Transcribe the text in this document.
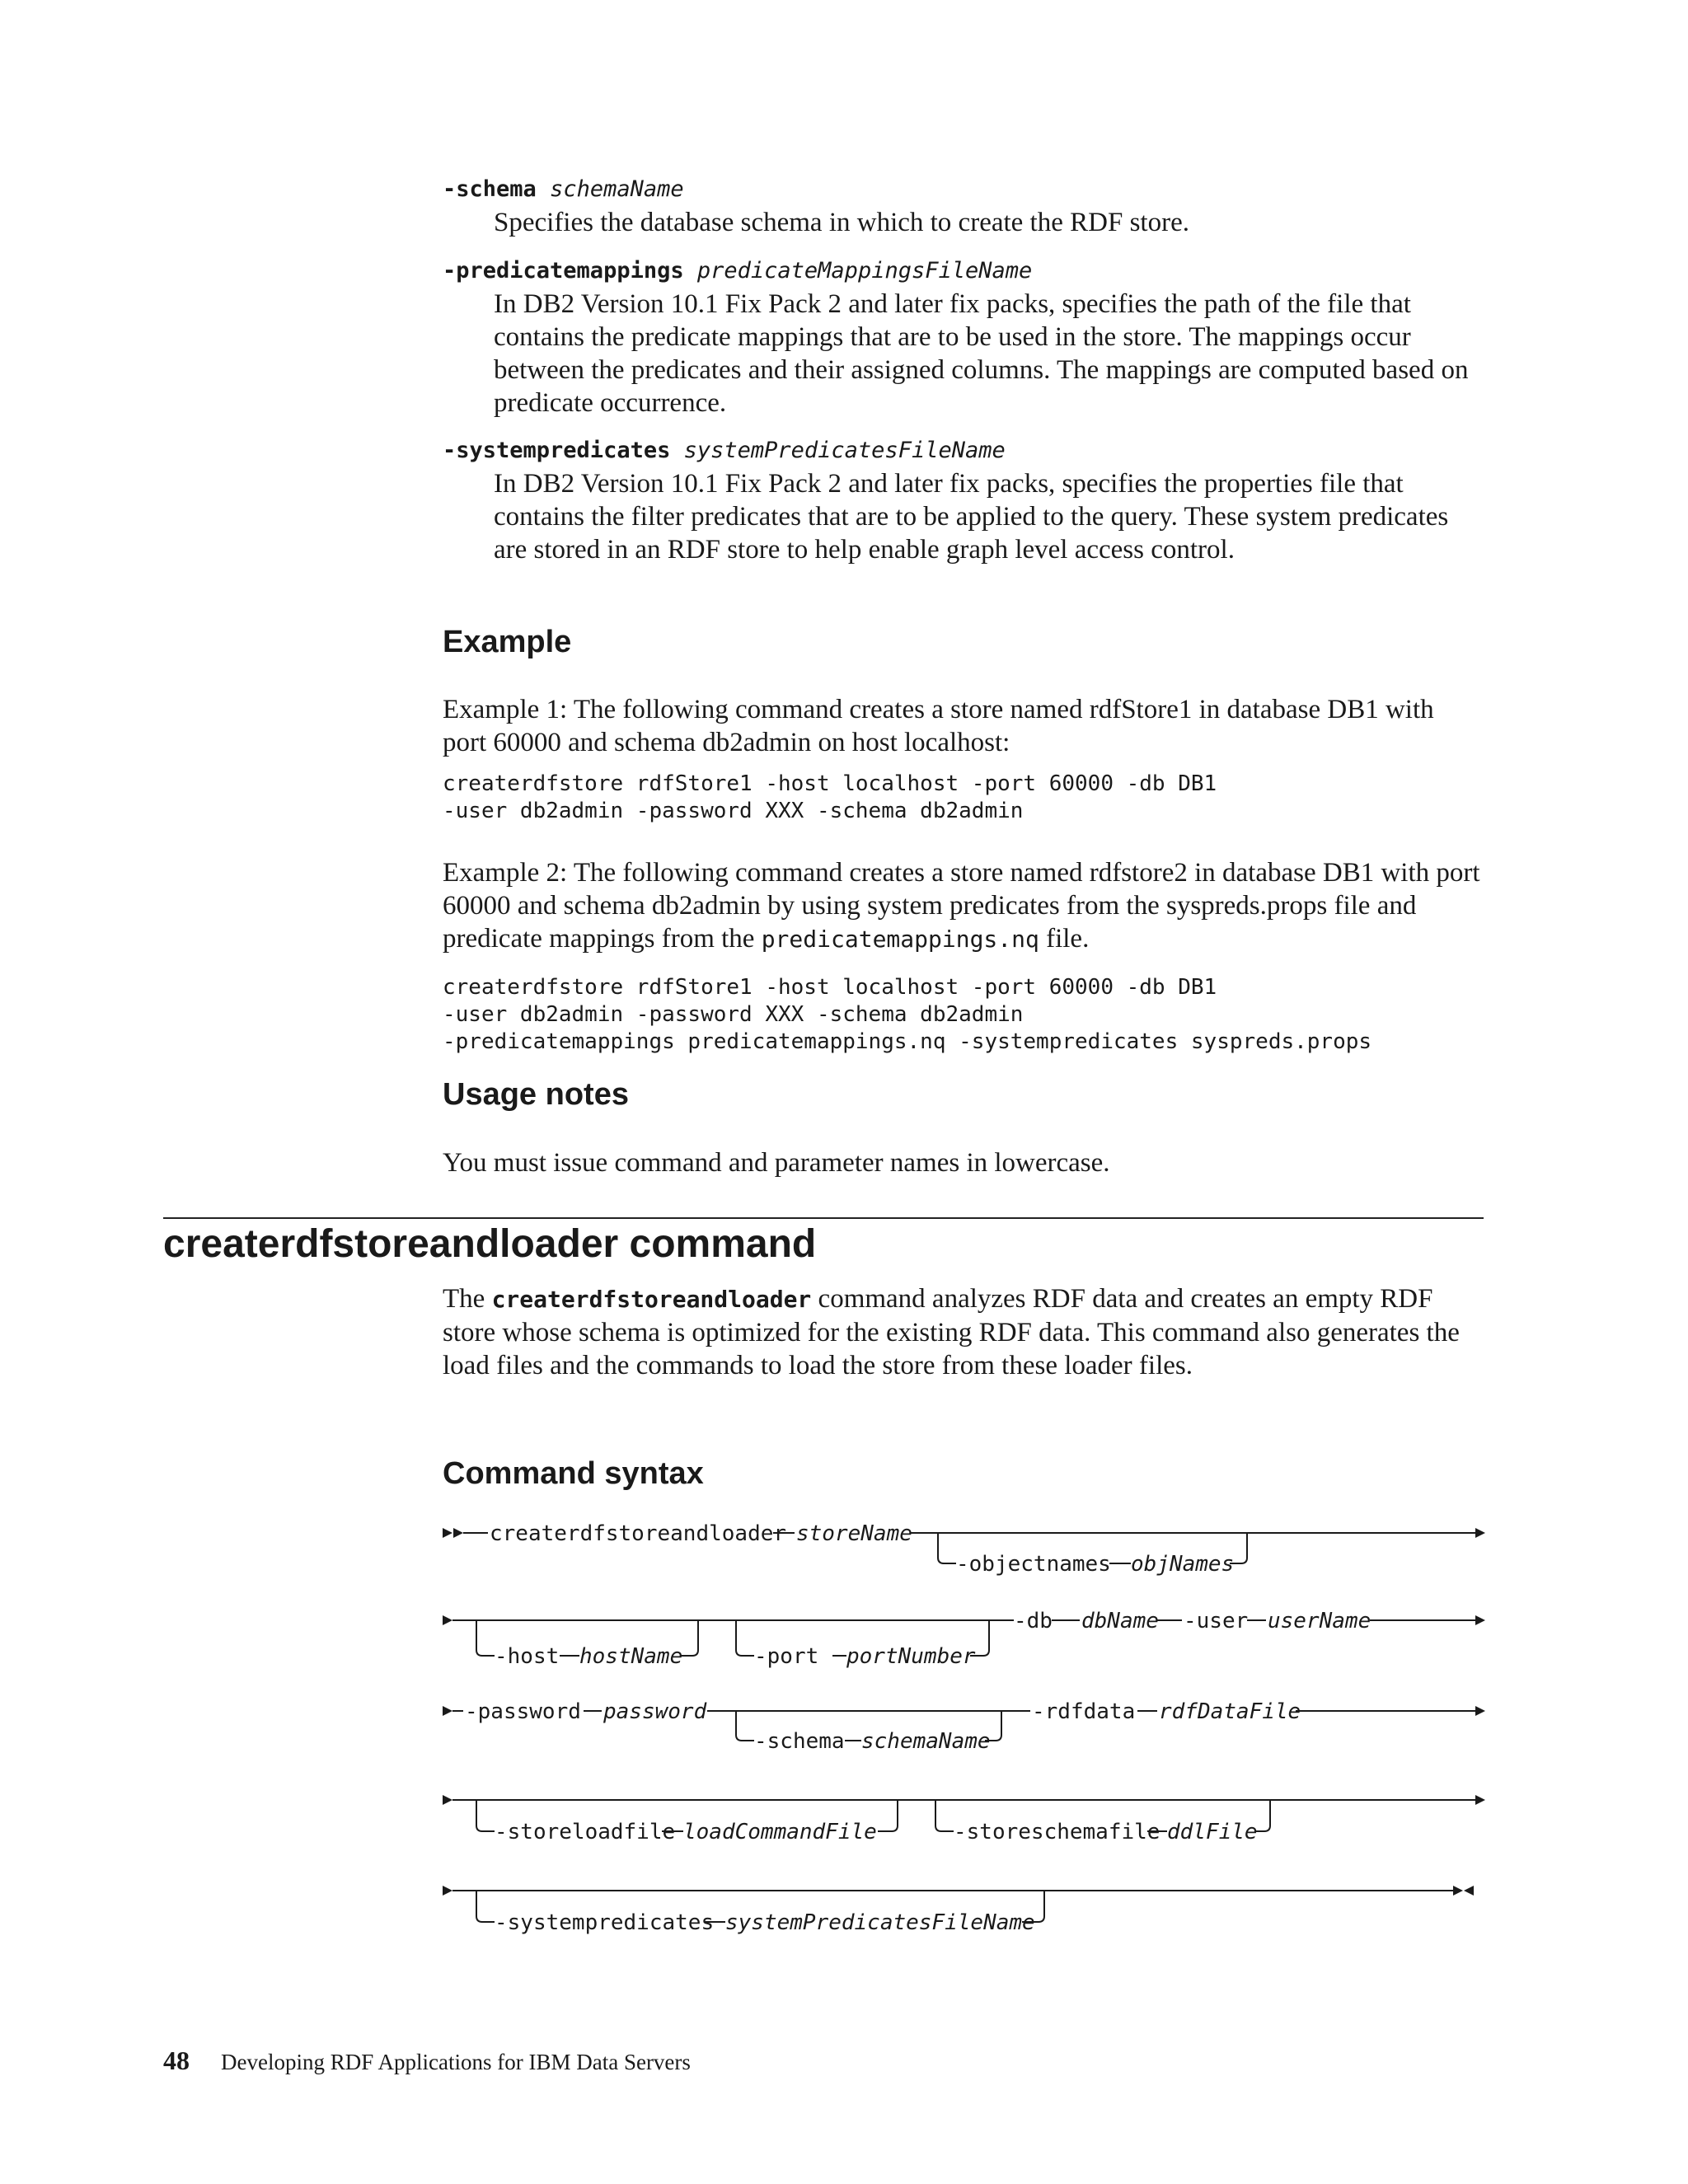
-schema schemaName
Specifies the database schema in which to create the RDF store.
-predicatemappings predicateMappingsFileName
In DB2 Version 10.1 Fix Pack 2 and later fix packs, specifies the path of the file that contains the predicate mappings that are to be used in the store. The mappings occur between the predicates and their assigned columns. The mappings are computed based on predicate occurrence.
-systempredicates systemPredicatesFileName
In DB2 Version 10.1 Fix Pack 2 and later fix packs, specifies the properties file that contains the filter predicates that are to be applied to the query. These system predicates are stored in an RDF store to help enable graph level access control.
Example
Example 1: The following command creates a store named rdfStore1 in database DB1 with port 60000 and schema db2admin on host localhost:
createrdfstore rdfStore1 -host localhost -port 60000 -db DB1
-user db2admin -password XXX -schema db2admin
Example 2: The following command creates a store named rdfstore2 in database DB1 with port 60000 and schema db2admin by using system predicates from the syspreds.props file and predicate mappings from the predicatemappings.nq file.
createrdfstore rdfStore1 -host localhost -port 60000 -db DB1
-user db2admin -password XXX -schema db2admin
-predicatemappings predicatemappings.nq -systempredicates syspreds.props
Usage notes
You must issue command and parameter names in lowercase.
createrdfstoreandloader command
The createrdfstoreandloader command analyzes RDF data and creates an empty RDF store whose schema is optimized for the existing RDF data. This command also generates the load files and the commands to load the store from these loader files.
Command syntax
createrdfstoreandloader storeName
-objectnames objNames
-host hostName	-port portNumber
-db dbName -user userName
-password password
-schema schemaName
-rdfdata rdfDataFile
-storeloadfile loadCommandFile	-storeschemafile ddlFile
-systempredicates systemPredicatesFileName
48 Developing RDF Applications for IBM Data Servers
